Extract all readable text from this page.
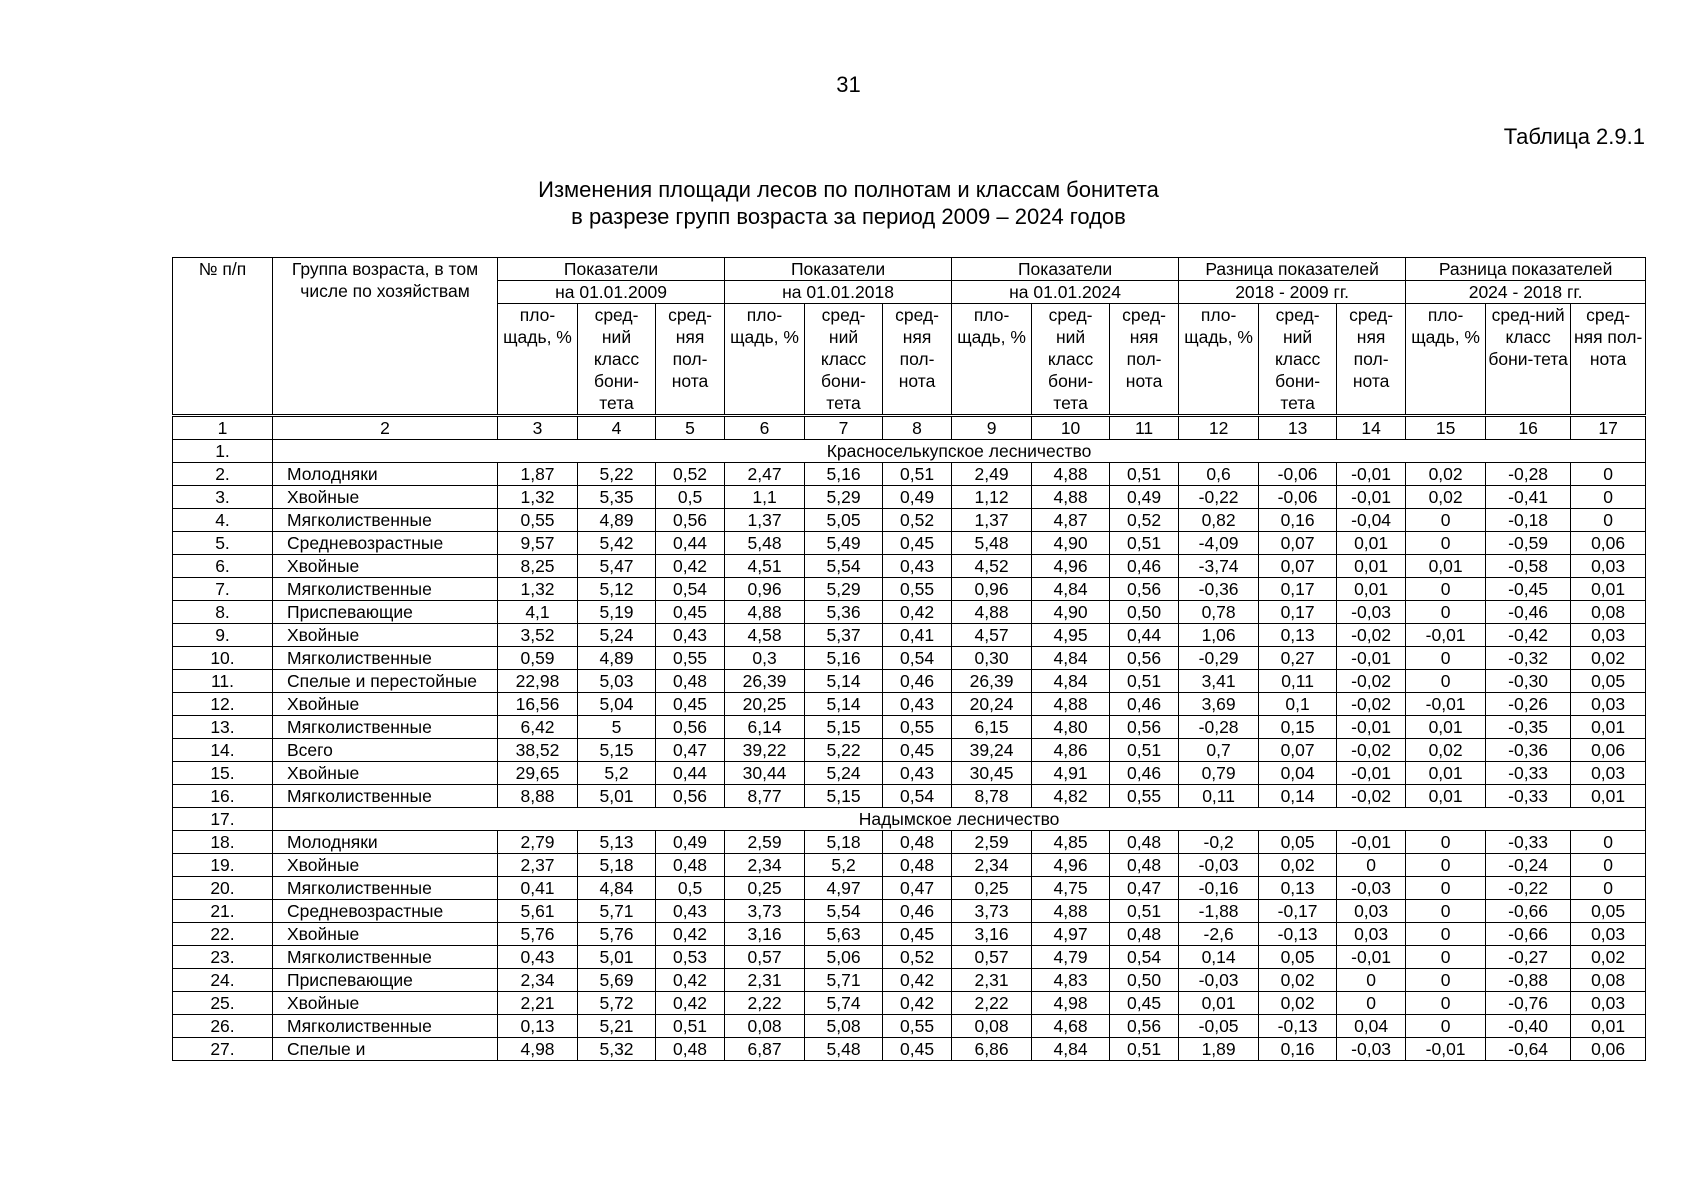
31
Таблица 2.9.1
Изменения площади лесов по полнотам и классам бонитета
в разрезе групп возраста за период 2009 – 2024 годов
№ п/п	Группа возраста, в том числе по хозяйствам	Показатели			Показатели			Показатели			Разница показателей			Разница показателей		
		на 01.01.2009			на 01.01.2018			на 01.01.2024			2018 - 2009 гг.			2024 - 2018 гг.		
		пло-щадь, %	сред-ний класс бони-тета	сред-няя пол-нота	пло-щадь, %	сред-ний класс бони-тета	сред-няя пол-нота	пло-щадь, %	сред-ний класс бони-тета	сред-няя пол-нота	пло-щадь, %	сред-ний класс бони-тета	сред-няя пол-нота	пло-щадь, %	сред-ний класс бони-тета	сред-няя пол-нота
1	2	3	4	5	6	7	8	9	10	11	12	13	14	15	16	17
1.	Красноселькупское лесничество															
2.	Молодняки	1,87	5,22	0,52	2,47	5,16	0,51	2,49	4,88	0,51	0,6	-0,06	-0,01	0,02	-0,28	0
3.	Хвойные	1,32	5,35	0,5	1,1	5,29	0,49	1,12	4,88	0,49	-0,22	-0,06	-0,01	0,02	-0,41	0
4.	Мягколиственные	0,55	4,89	0,56	1,37	5,05	0,52	1,37	4,87	0,52	0,82	0,16	-0,04	0	-0,18	0
5.	Средневозрастные	9,57	5,42	0,44	5,48	5,49	0,45	5,48	4,90	0,51	-4,09	0,07	0,01	0	-0,59	0,06
6.	Хвойные	8,25	5,47	0,42	4,51	5,54	0,43	4,52	4,96	0,46	-3,74	0,07	0,01	0,01	-0,58	0,03
7.	Мягколиственные	1,32	5,12	0,54	0,96	5,29	0,55	0,96	4,84	0,56	-0,36	0,17	0,01	0	-0,45	0,01
8.	Приспевающие	4,1	5,19	0,45	4,88	5,36	0,42	4,88	4,90	0,50	0,78	0,17	-0,03	0	-0,46	0,08
9.	Хвойные	3,52	5,24	0,43	4,58	5,37	0,41	4,57	4,95	0,44	1,06	0,13	-0,02	-0,01	-0,42	0,03
10.	Мягколиственные	0,59	4,89	0,55	0,3	5,16	0,54	0,30	4,84	0,56	-0,29	0,27	-0,01	0	-0,32	0,02
11.	Спелые и перестойные	22,98	5,03	0,48	26,39	5,14	0,46	26,39	4,84	0,51	3,41	0,11	-0,02	0	-0,30	0,05
12.	Хвойные	16,56	5,04	0,45	20,25	5,14	0,43	20,24	4,88	0,46	3,69	0,1	-0,02	-0,01	-0,26	0,03
13.	Мягколиственные	6,42	5	0,56	6,14	5,15	0,55	6,15	4,80	0,56	-0,28	0,15	-0,01	0,01	-0,35	0,01
14.	Всего	38,52	5,15	0,47	39,22	5,22	0,45	39,24	4,86	0,51	0,7	0,07	-0,02	0,02	-0,36	0,06
15.	Хвойные	29,65	5,2	0,44	30,44	5,24	0,43	30,45	4,91	0,46	0,79	0,04	-0,01	0,01	-0,33	0,03
16.	Мягколиственные	8,88	5,01	0,56	8,77	5,15	0,54	8,78	4,82	0,55	0,11	0,14	-0,02	0,01	-0,33	0,01
17.	Надымское лесничество															
18.	Молодняки	2,79	5,13	0,49	2,59	5,18	0,48	2,59	4,85	0,48	-0,2	0,05	-0,01	0	-0,33	0
19.	Хвойные	2,37	5,18	0,48	2,34	5,2	0,48	2,34	4,96	0,48	-0,03	0,02	0	0	-0,24	0
20.	Мягколиственные	0,41	4,84	0,5	0,25	4,97	0,47	0,25	4,75	0,47	-0,16	0,13	-0,03	0	-0,22	0
21.	Средневозрастные	5,61	5,71	0,43	3,73	5,54	0,46	3,73	4,88	0,51	-1,88	-0,17	0,03	0	-0,66	0,05
22.	Хвойные	5,76	5,76	0,42	3,16	5,63	0,45	3,16	4,97	0,48	-2,6	-0,13	0,03	0	-0,66	0,03
23.	Мягколиственные	0,43	5,01	0,53	0,57	5,06	0,52	0,57	4,79	0,54	0,14	0,05	-0,01	0	-0,27	0,02
24.	Приспевающие	2,34	5,69	0,42	2,31	5,71	0,42	2,31	4,83	0,50	-0,03	0,02	0	0	-0,88	0,08
25.	Хвойные	2,21	5,72	0,42	2,22	5,74	0,42	2,22	4,98	0,45	0,01	0,02	0	0	-0,76	0,03
26.	Мягколиственные	0,13	5,21	0,51	0,08	5,08	0,55	0,08	4,68	0,56	-0,05	-0,13	0,04	0	-0,40	0,01
27.	Спелые и	4,98	5,32	0,48	6,87	5,48	0,45	6,86	4,84	0,51	1,89	0,16	-0,03	-0,01	-0,64	0,06
